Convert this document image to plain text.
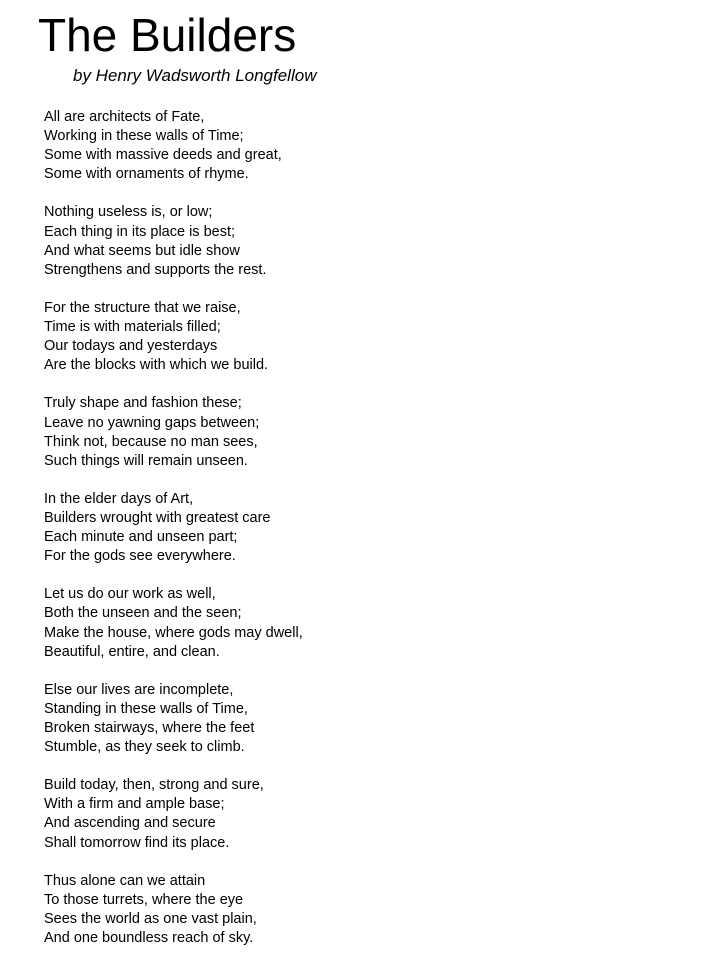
The Builders
by Henry Wadsworth Longfellow
All are architects of Fate,
Working in these walls of Time;
Some with massive deeds and great,
Some with ornaments of rhyme.
Nothing useless is, or low;
Each thing in its place is best;
And what seems but idle show
Strengthens and supports the rest.
For the structure that we raise,
Time is with materials filled;
Our todays and yesterdays
Are the blocks with which we build.
Truly shape and fashion these;
Leave no yawning gaps between;
Think not, because no man sees,
Such things will remain unseen.
In the elder days of Art,
Builders wrought with greatest care
Each minute and unseen part;
For the gods see everywhere.
Let us do our work as well,
Both the unseen and the seen;
Make the house, where gods may dwell,
Beautiful, entire, and clean.
Else our lives are incomplete,
Standing in these walls of Time,
Broken stairways, where the feet
Stumble, as they seek to climb.
Build today, then, strong and sure,
With a firm and ample base;
And ascending and secure
Shall tomorrow find its place.
Thus alone can we attain
To those turrets, where the eye
Sees the world as one vast plain,
And one boundless reach of sky.
